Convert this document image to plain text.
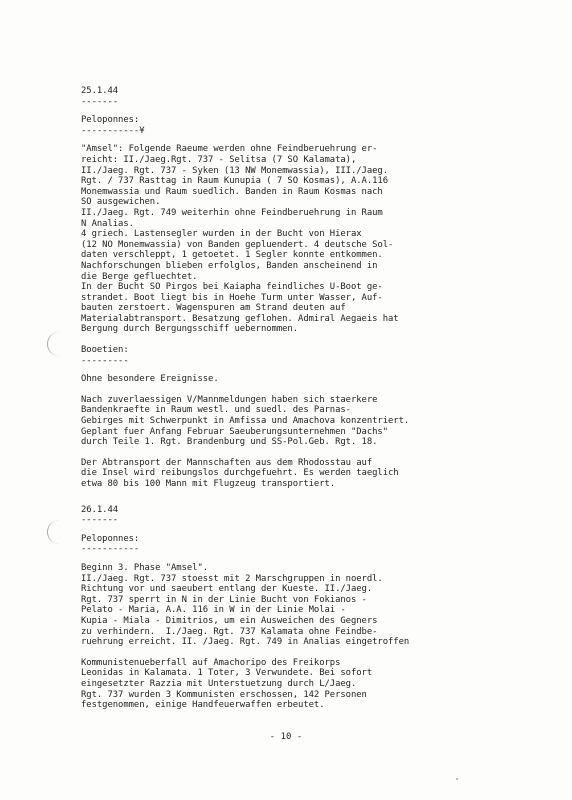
25.1.44
-------
Peloponnes:
-----------¥
"Amsel": Folgende Raeume werden ohne Feindberuehrung er-
reicht: II./Jaeg.Rgt. 737 - Selitsa (7 SO Kalamata),
II./Jaeg. Rgt. 737 - Syken (13 NW Monemwassia), III./Jaeg.
Rgt. / 737 Rasttag in Raum Kunupia ( 7 SO Kosmas), A.A.116
Monemwassia und Raum suedlich. Banden in Raum Kosmas nach
SO ausgewichen.
II./Jaeg. Rgt. 749 weiterhin ohne Feindberuehrung in Raum
N Analias.
4 griech. Lastensegler wurden in der Bucht von Hierax
(12 NO Monemwassia) von Banden gepluendert. 4 deutsche Sol-
daten verschleppt, 1 getoetet. 1 Segler konnte entkommen.
Nachforschungen blieben erfolglos, Banden anscheinend in
die Berge gefluechtet.
In der Bucht SO Pirgos bei Kaiapha feindliches U-Boot ge-
strandet. Boot liegt bis in Hoehe Turm unter Wasser, Auf-
bauten zerstoert. Wagenspuren am Strand deuten auf
Materialabtransport. Besatzung geflohen. Admiral Aegaeis hat
Bergung durch Bergungsschiff uebernommen.
Booetien:
---------
Ohne besondere Ereignisse.
Nach zuverlaessigen V/Mannmeldungen haben sich staerkere
Bandenkraefte in Raum westl. und suedl. des Parnas-
Gebirges mit Schwerpunkt in Amfissa und Amachova konzentriert.
Geplant fuer Anfang Februar Saeuberungsunternehmen "Dachs"
durch Teile 1. Rgt. Brandenburg und SS-Pol.Geb. Rgt. 18.
Der Abtransport der Mannschaften aus dem Rhodosstau auf
die Insel wird reibungslos durchgefuehrt. Es werden taeglich
etwa 80 bis 100 Mann mit Flugzeug transportiert.
26.1.44
-------
Peloponnes:
-----------
Beginn 3. Phase "Amsel".
II./Jaeg. Rgt. 737 stoesst mit 2 Marschgruppen in noerdl.
Richtung vor und saeubert entlang der Kueste. II./Jaeg.
Rgt. 737 sperrt in N in der Linie Bucht von Fokianos -
Pelato - Maria, A.A. 116 in W in der Linie Molai -
Kupia - Miala - Dimitrios, um ein Ausweichen des Gegners
zu verhindern.  I./Jaeg. Rgt. 737 Kalamata ohne Feindbe-
ruehrung erreicht. II. /Jaeg. Rgt. 749 in Analias eingetroffen
Kommunistenueberfall auf Amachoripo des Freikorps
Leonidas in Kalamata. 1 Toter, 3 Verwundete. Bei sofort
eingesetzter Razzia mit Unterstuetzung durch L/Jaeg.
Rgt. 737 wurden 3 Kommunisten erschossen, 142 Personen
festgenommen, einige Handfeuerwaffen erbeutet.
- 10 -
